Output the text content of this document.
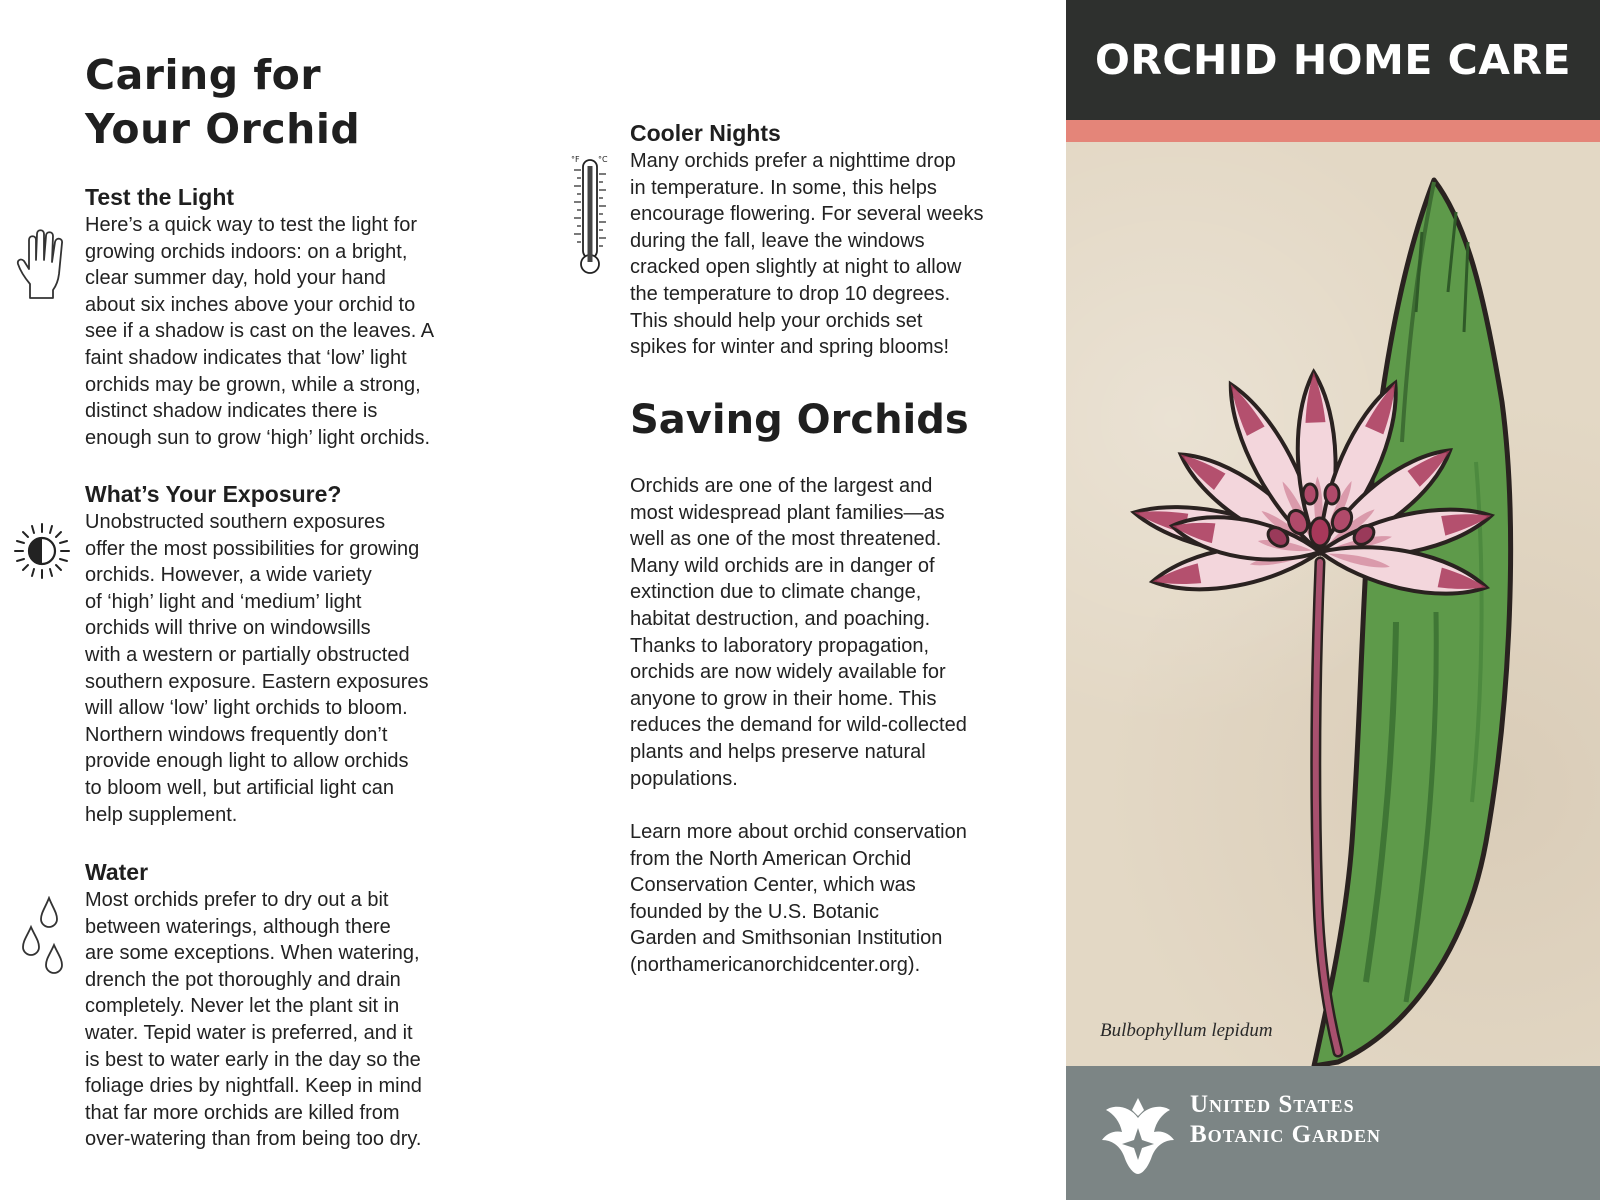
Caring for
Your Orchid
Test the Light

Here’s a quick way to test the light for
growing orchids indoors: on a bright,
clear summer day, hold your hand
about six inches above your orchid to
see if a shadow is cast on the leaves. A
faint shadow indicates that ‘low’ light
orchids may be grown, while a strong,
distinct shadow indicates there is
enough sun to grow ‘high’ light orchids.

What’s Your Exposure?

Unobstructed southern exposures
offer the most possibilities for growing
orchids. However, a wide variety
of ‘high’ light and ‘medium’ light
orchids will thrive on windowsills
with a western or partially obstructed
southern exposure. Eastern exposures
will allow ‘low’ light orchids to bloom.
Northern windows frequently don’t
provide enough light to allow orchids
to bloom well, but artificial light can
help supplement.

Water

Most orchids prefer to dry out a bit
between waterings, although there
are some exceptions. When watering,
drench the pot thoroughly and drain
completely. Never let the plant sit in
water. Tepid water is preferred, and it
is best to water early in the day so the
foliage dries by nightfall. Keep in mind
that far more orchids are killed from
over-watering than from being too dry.

°F °C
Cooler Nights

Many orchids prefer a nighttime drop
in temperature. In some, this helps
encourage flowering. For several weeks
during the fall, leave the windows
cracked open slightly at night to allow
the temperature to drop 10 degrees.
This should help your orchids set
spikes for winter and spring blooms!

Saving Orchids

Orchids are one of the largest and
most widespread plant families—as
well as one of the most threatened.
Many wild orchids are in danger of
extinction due to climate change,
habitat destruction, and poaching.
Thanks to laboratory propagation,
orchids are now widely available for
anyone to grow in their home. This
reduces the demand for wild-collected
plants and helps preserve natural
populations.

Learn more about orchid conservation
from the North American Orchid
Conservation Center, which was
founded by the U.S. Botanic
Garden and Smithsonian Institution
(northamericanorchidcenter.org).

ORCHID HOME CARE
Bulbophyllum lepidum
United States
Botanic Garden
